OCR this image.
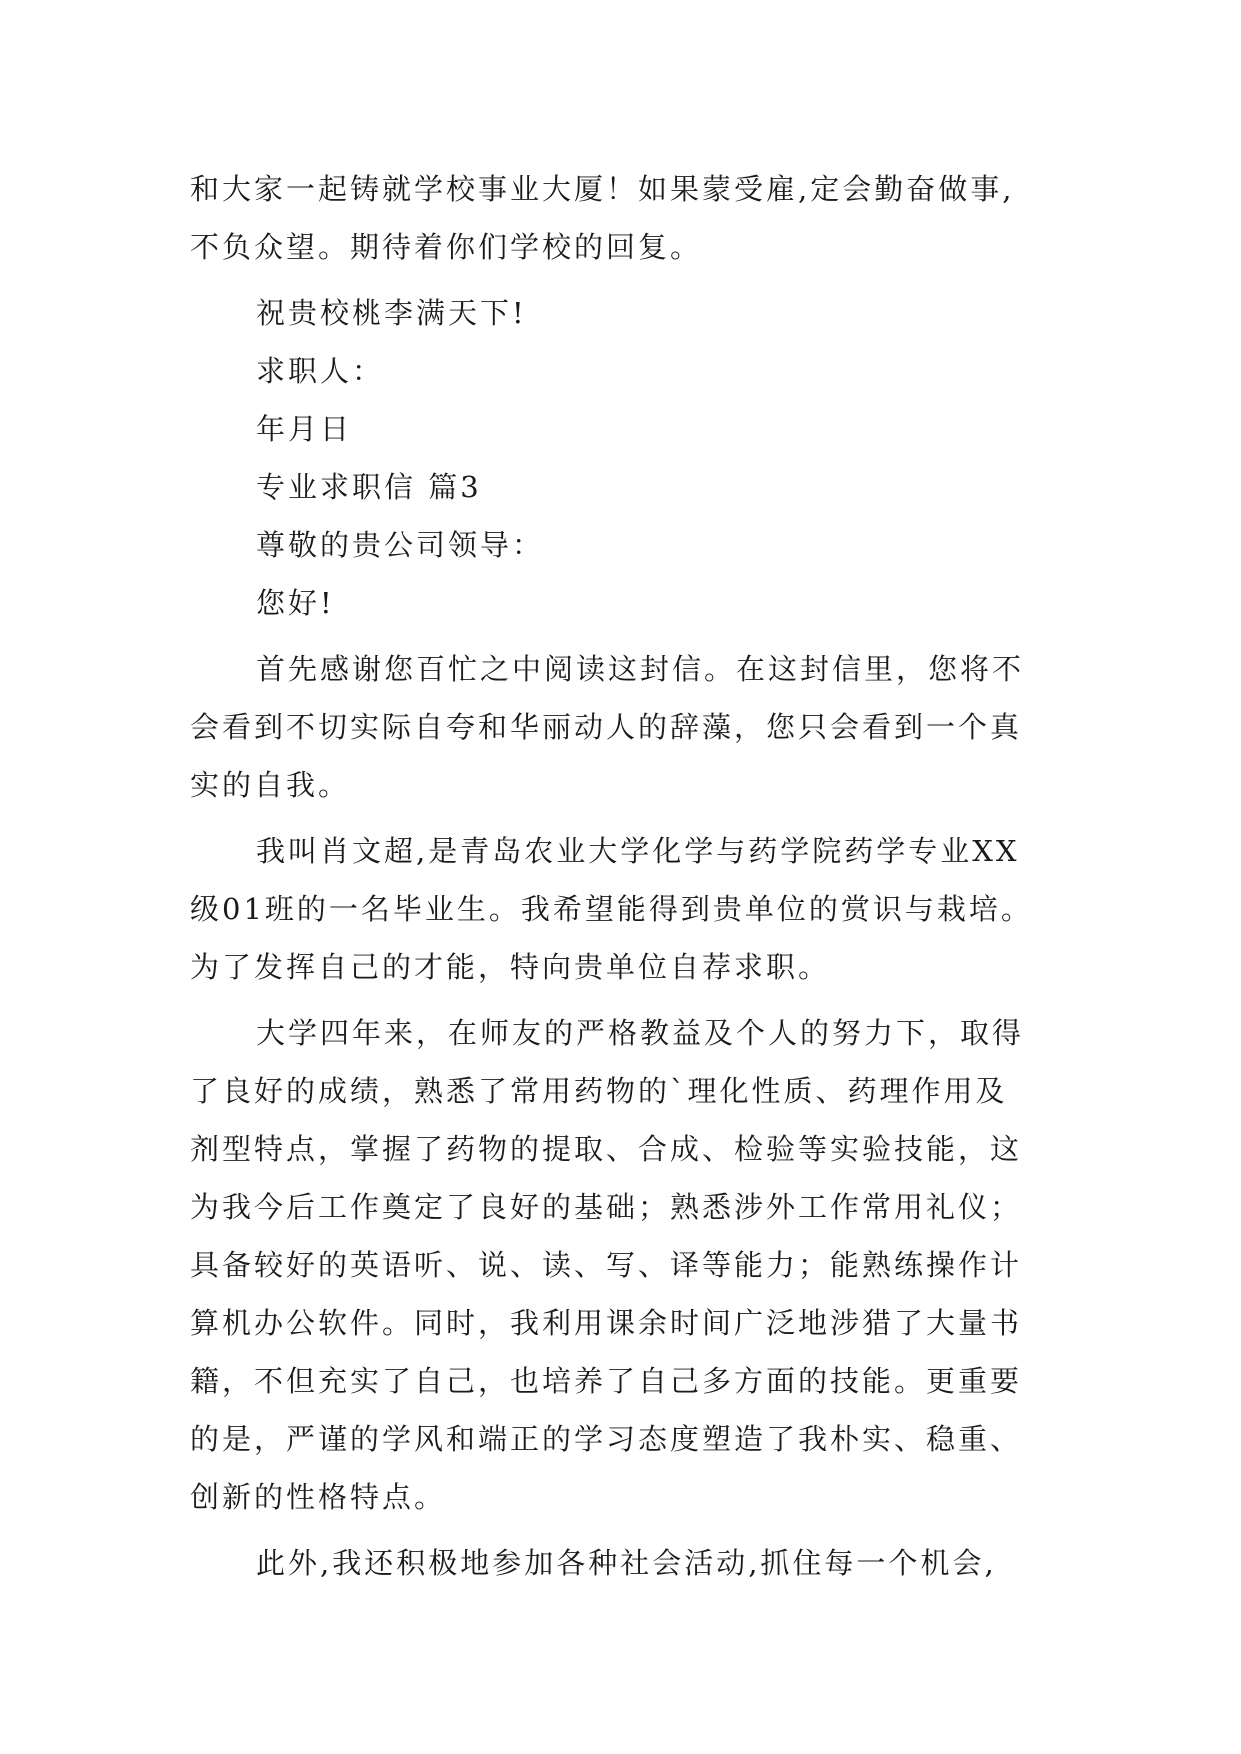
和大家一起铸就学校事业大厦！如果蒙受雇,定会勤奋做事,
不负众望。期待着你们学校的回复。
祝贵校桃李满天下!
求职人：
年月日
专业求职信 篇3
尊敬的贵公司领导：
您好!
首先感谢您百忙之中阅读这封信。在这封信里，您将不
会看到不切实际自夸和华丽动人的辞藻，您只会看到一个真
实的自我。
我叫肖文超,是青岛农业大学化学与药学院药学专业XX
级01班的一名毕业生。我希望能得到贵单位的赏识与栽培。
为了发挥自己的才能，特向贵单位自荐求职。
大学四年来，在师友的严格教益及个人的努力下，取得
了良好的成绩，熟悉了常用药物的`理化性质、药理作用及
剂型特点，掌握了药物的提取、合成、检验等实验技能，这
为我今后工作奠定了良好的基础；熟悉涉外工作常用礼仪；
具备较好的英语听、说、读、写、译等能力；能熟练操作计
算机办公软件。同时，我利用课余时间广泛地涉猎了大量书
籍，不但充实了自己，也培养了自己多方面的技能。更重要
的是，严谨的学风和端正的学习态度塑造了我朴实、稳重、
创新的性格特点。
此外,我还积极地参加各种社会活动,抓住每一个机会,
